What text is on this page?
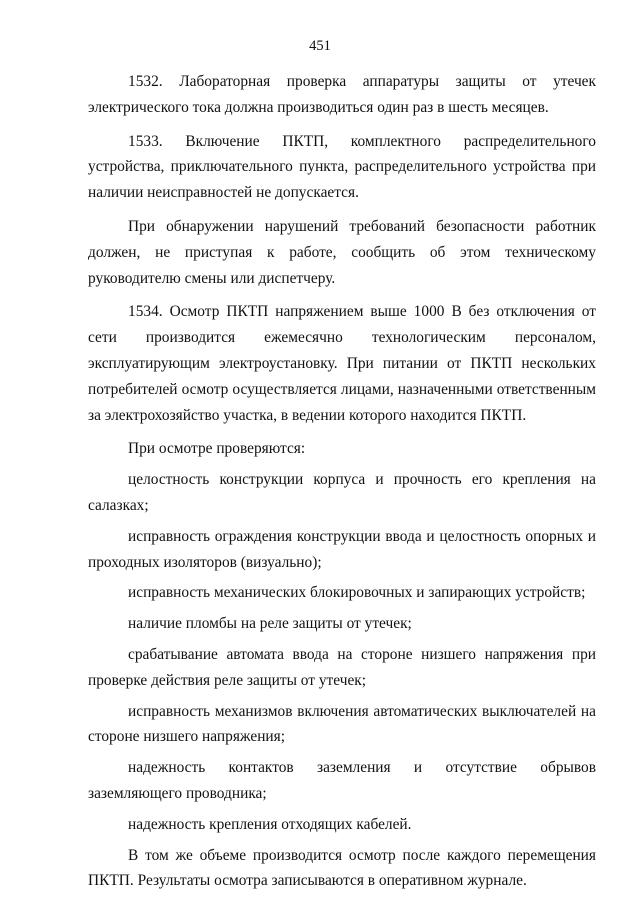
451

1532. Лабораторная проверка аппаратуры защиты от утечек электрического тока должна производиться один раз в шесть месяцев.

1533. Включение ПКТП, комплектного распределительного устройства, приключательного пункта, распределительного устройства при наличии неисправностей не допускается.

При обнаружении нарушений требований безопасности работник должен, не приступая к работе, сообщить об этом техническому руководителю смены или диспетчеру.

1534. Осмотр ПКТП напряжением выше 1000 В без отключения от сети производится ежемесячно технологическим персоналом, эксплуатирующим электроустановку. При питании от ПКТП нескольких потребителей осмотр осуществляется лицами, назначенными ответственным за электрохозяйство участка, в ведении которого находится ПКТП.

При осмотре проверяются:

целостность конструкции корпуса и прочность его крепления на салазках;

исправность ограждения конструкции ввода и целостность опорных и проходных изоляторов (визуально);

исправность механических блокировочных и запирающих устройств;

наличие пломбы на реле защиты от утечек;

срабатывание автомата ввода на стороне низшего напряжения при проверке действия реле защиты от утечек;

исправность механизмов включения автоматических выключателей на стороне низшего напряжения;

надежность контактов заземления и отсутствие обрывов заземляющего проводника;

надежность крепления отходящих кабелей.

В том же объеме производится осмотр после каждого перемещения ПКТП. Результаты осмотра записываются в оперативном журнале.
